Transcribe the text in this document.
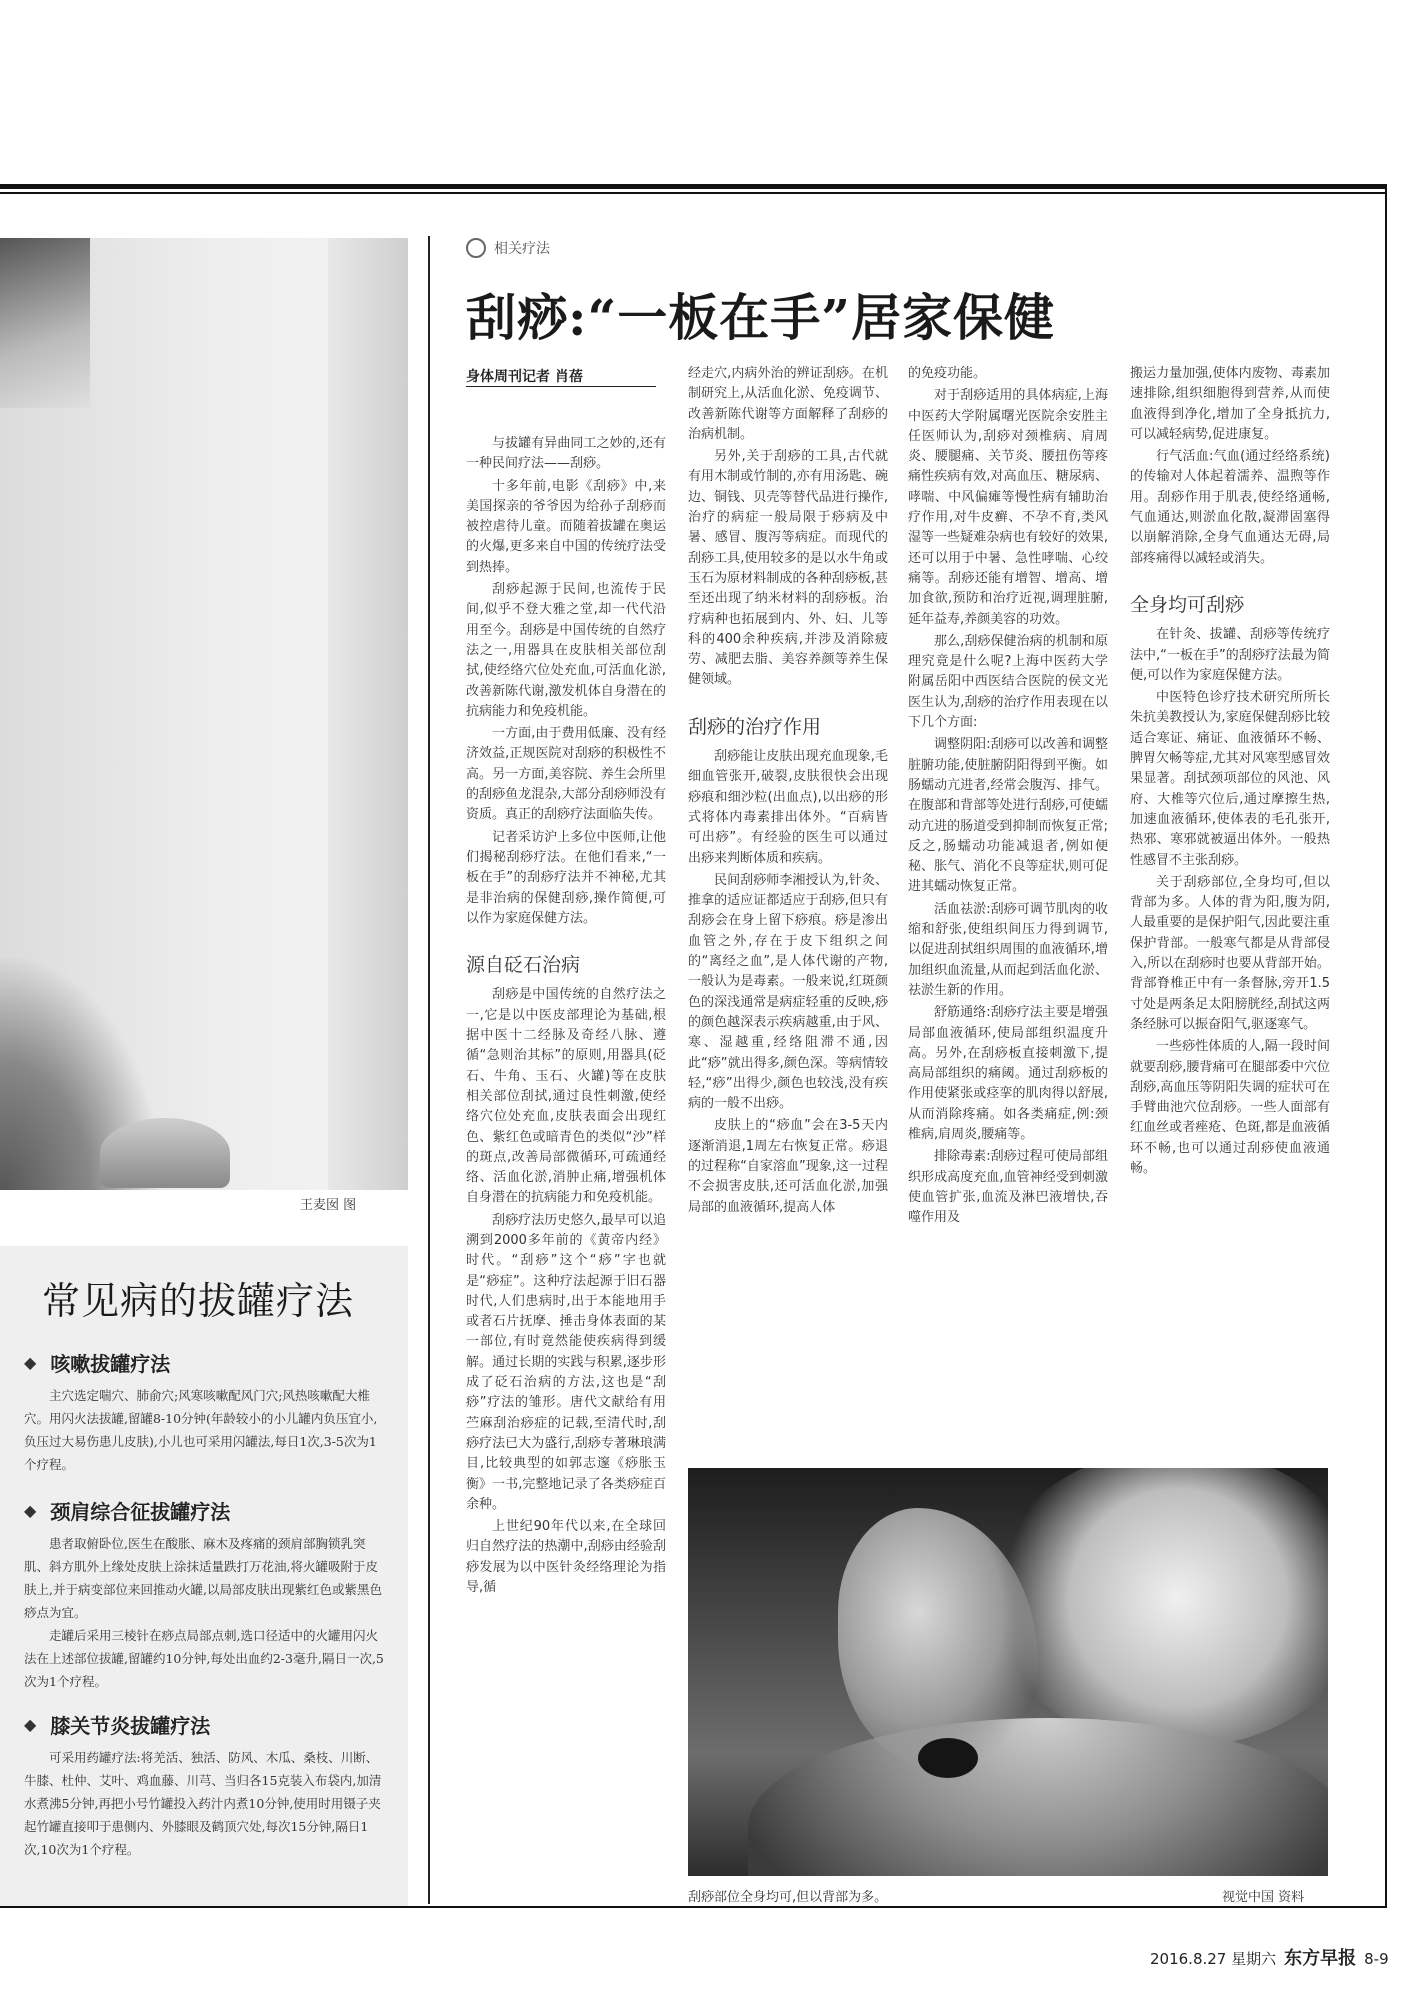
王麦囡 图
常见病的拔罐疗法
◆ 咳嗽拔罐疗法

主穴选定喘穴、肺俞穴;风寒咳嗽配风门穴;风热咳嗽配大椎穴。用闪火法拔罐,留罐8-10分钟(年龄较小的小儿罐内负压宜小,负压过大易伤患儿皮肤),小儿也可采用闪罐法,每日1次,3-5次为1个疗程。

◆ 颈肩综合征拔罐疗法

患者取俯卧位,医生在酸胀、麻木及疼痛的颈肩部胸锁乳突肌、斜方肌外上缘处皮肤上涂抹适量跌打万花油,将火罐吸附于皮肤上,并于病变部位来回推动火罐,以局部皮肤出现紫红色或紫黑色痧点为宜。

走罐后采用三棱针在痧点局部点刺,选口径适中的火罐用闪火法在上述部位拔罐,留罐约10分钟,每处出血约2-3毫升,隔日一次,5次为1个疗程。

◆ 膝关节炎拔罐疗法

可采用药罐疗法:将羌活、独活、防风、木瓜、桑枝、川断、牛膝、杜仲、艾叶、鸡血藤、川芎、当归各15克装入布袋内,加清水煮沸5分钟,再把小号竹罐投入药汁内煮10分钟,使用时用镊子夹起竹罐直接叩于患侧内、外膝眼及鹤顶穴处,每次15分钟,隔日1次,10次为1个疗程。

相关疗法
刮痧:“一板在手”居家保健
身体周刊记者 肖蓓

与拔罐有异曲同工之妙的,还有一种民间疗法——刮痧。

十多年前,电影《刮痧》中,来美国探亲的爷爷因为给孙子刮痧而被控虐待儿童。而随着拔罐在奥运的火爆,更多来自中国的传统疗法受到热捧。

刮痧起源于民间,也流传于民间,似乎不登大雅之堂,却一代代沿用至今。刮痧是中国传统的自然疗法之一,用器具在皮肤相关部位刮拭,使经络穴位处充血,可活血化淤,改善新陈代谢,激发机体自身潜在的抗病能力和免疫机能。

一方面,由于费用低廉、没有经济效益,正规医院对刮痧的积极性不高。另一方面,美容院、养生会所里的刮痧鱼龙混杂,大部分刮痧师没有资质。真正的刮痧疗法面临失传。

记者采访沪上多位中医师,让他们揭秘刮痧疗法。在他们看来,“一板在手”的刮痧疗法并不神秘,尤其是非治病的保健刮痧,操作简便,可以作为家庭保健方法。

源自砭石治病

刮痧是中国传统的自然疗法之一,它是以中医皮部理论为基础,根据中医十二经脉及奇经八脉、遵循“急则治其标”的原则,用器具(砭石、牛角、玉石、火罐)等在皮肤相关部位刮拭,通过良性刺激,使经络穴位处充血,皮肤表面会出现红色、紫红色或暗青色的类似“沙”样的斑点,改善局部微循环,可疏通经络、活血化淤,消肿止痛,增强机体自身潜在的抗病能力和免疫机能。

刮痧疗法历史悠久,最早可以追溯到2000多年前的《黄帝内经》时代。“刮痧”这个“痧”字也就是“痧症”。这种疗法起源于旧石器时代,人们患病时,出于本能地用手或者石片抚摩、捶击身体表面的某一部位,有时竟然能使疾病得到缓解。通过长期的实践与积累,逐步形成了砭石治病的方法,这也是“刮痧”疗法的雏形。唐代文献给有用苎麻刮治痧症的记载,至清代时,刮痧疗法已大为盛行,刮痧专著琳琅满目,比较典型的如郭志邃《痧胀玉衡》一书,完整地记录了各类痧症百余种。

上世纪90年代以来,在全球回归自然疗法的热潮中,刮痧由经验刮痧发展为以中医针灸经络理论为指导,循

经走穴,内病外治的辨证刮痧。在机制研究上,从活血化淤、免疫调节、改善新陈代谢等方面解释了刮痧的治病机制。

另外,关于刮痧的工具,古代就有用木制或竹制的,亦有用汤匙、碗边、铜钱、贝壳等替代品进行操作,治疗的病症一般局限于痧病及中暑、感冒、腹泻等病症。而现代的刮痧工具,使用较多的是以水牛角或玉石为原材料制成的各种刮痧板,甚至还出现了纳米材料的刮痧板。治疗病种也拓展到内、外、妇、儿等科的400余种疾病,并涉及消除疲劳、减肥去脂、美容养颜等养生保健领域。

刮痧的治疗作用

刮痧能让皮肤出现充血现象,毛细血管张开,破裂,皮肤很快会出现痧痕和细沙粒(出血点),以出痧的形式将体内毒素排出体外。“百病皆可出痧”。有经验的医生可以通过出痧来判断体质和疾病。

民间刮痧师李湘授认为,针灸、推拿的适应证都适应于刮痧,但只有刮痧会在身上留下痧痕。痧是渗出血管之外,存在于皮下组织之间的“离经之血”,是人体代谢的产物,一般认为是毒素。一般来说,红斑颜色的深浅通常是病症轻重的反映,痧的颜色越深表示疾病越重,由于风、寒、湿越重,经络阻滞不通,因此“痧”就出得多,颜色深。等病情较轻,“痧”出得少,颜色也较浅,没有疾病的一般不出痧。

皮肤上的“痧血”会在3-5天内逐渐消退,1周左右恢复正常。痧退的过程称“自家溶血”现象,这一过程不会损害皮肤,还可活血化淤,加强局部的血液循环,提高人体

的免疫功能。

对于刮痧适用的具体病症,上海中医药大学附属曙光医院余安胜主任医师认为,刮痧对颈椎病、肩周炎、腰腿痛、关节炎、腰扭伤等疼痛性疾病有效,对高血压、糖尿病、哮喘、中风偏瘫等慢性病有辅助治疗作用,对牛皮癣、不孕不育,类风湿等一些疑难杂病也有较好的效果,还可以用于中暑、急性哮喘、心绞痛等。刮痧还能有增智、增高、增加食欲,预防和治疗近视,调理脏腑,延年益寿,养颜美容的功效。

那么,刮痧保健治病的机制和原理究竟是什么呢?上海中医药大学附属岳阳中西医结合医院的侯文光医生认为,刮痧的治疗作用表现在以下几个方面:

调整阴阳:刮痧可以改善和调整脏腑功能,使脏腑阴阳得到平衡。如肠蠕动亢进者,经常会腹泻、排气。在腹部和背部等处进行刮痧,可使蠕动亢进的肠道受到抑制而恢复正常;反之,肠蠕动功能减退者,例如便秘、胀气、消化不良等症状,则可促进其蠕动恢复正常。

活血祛淤:刮痧可调节肌肉的收缩和舒张,使组织间压力得到调节,以促进刮拭组织周围的血液循环,增加组织血流量,从而起到活血化淤、祛淤生新的作用。

舒筋通络:刮痧疗法主要是增强局部血液循环,使局部组织温度升高。另外,在刮痧板直接刺激下,提高局部组织的痛阈。通过刮痧板的作用使紧张或痉挛的肌肉得以舒展,从而消除疼痛。如各类痛症,例:颈椎病,肩周炎,腰痛等。

排除毒素:刮痧过程可使局部组织形成高度充血,血管神经受到刺激使血管扩张,血流及淋巴液增快,吞噬作用及

搬运力量加强,使体内废物、毒素加速排除,组织细胞得到营养,从而使血液得到净化,增加了全身抵抗力,可以减轻病势,促进康复。

行气活血:气血(通过经络系统)的传输对人体起着濡养、温煦等作用。刮痧作用于肌表,使经络通畅,气血通达,则淤血化散,凝滞固塞得以崩解消除,全身气血通达无碍,局部疼痛得以减轻或消失。

全身均可刮痧

在针灸、拔罐、刮痧等传统疗法中,“一板在手”的刮痧疗法最为简便,可以作为家庭保健方法。

中医特色诊疗技术研究所所长朱抗美教授认为,家庭保健刮痧比较适合寒证、痛证、血液循环不畅、脾胃欠畅等症,尤其对风寒型感冒效果显著。刮拭颈项部位的风池、风府、大椎等穴位后,通过摩擦生热,加速血液循环,使体表的毛孔张开,热邪、寒邪就被逼出体外。一般热性感冒不主张刮痧。

关于刮痧部位,全身均可,但以背部为多。人体的背为阳,腹为阴,人最重要的是保护阳气,因此要注重保护背部。一般寒气都是从背部侵入,所以在刮痧时也要从背部开始。背部脊椎正中有一条督脉,旁开1.5寸处是两条足太阳膀胱经,刮拭这两条经脉可以振奋阳气,驱逐寒气。

一些痧性体质的人,隔一段时间就要刮痧,腰背痛可在腿部委中穴位刮痧,高血压等阴阳失调的症状可在手臂曲池穴位刮痧。一些人面部有红血丝或者痤疮、色斑,都是血液循环不畅,也可以通过刮痧使血液通畅。

刮痧部位全身均可,但以背部为多。	视觉中国 资料
2016.8.27 星期六 东方早报 8-9
